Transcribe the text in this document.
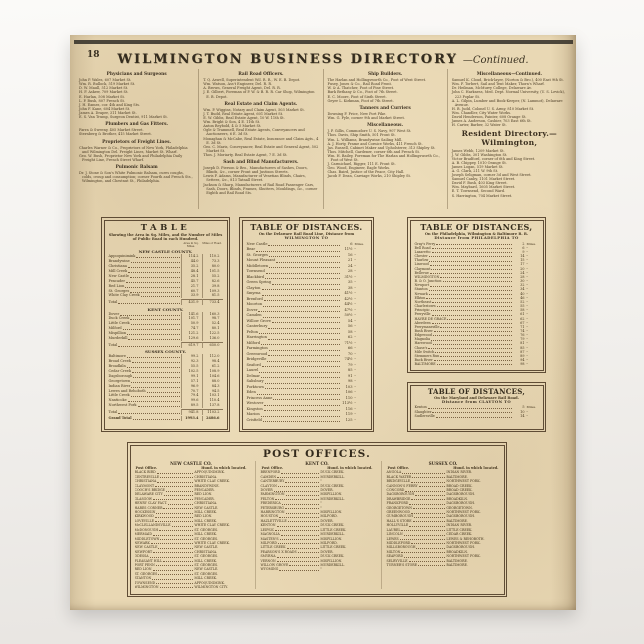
18	WILMINGTON BUSINESS DIRECTORY —Continued.
Physicians and Surgeons

John P. Wales, 607 Market St.

Wm. R. Bullock, 519 Market St.

D. W. Maull, 512 Market St.

H. F. Askew, 709 Market St.

E. Harlan, 508 Market St.

L. P. Bush, 807 French St.

J. H. Eames, cor. 4th and King Sts.

John F. Kane, 604 Market St.

James A. Draper, 311 Market St.

E. S. Van Trump, Surgeon Dentist, 911 Market St.

Plumbers and Gas Fitters.

Farra & Sweeny, 405 Market Street.

Sternberg & Brother, 415 Market Street.

Proprietors of Freight Lines.

Charles Warner & Co., Proprietors of New York, Philadelphia and Wilmington Del. Freight Lines, Market St. Wharf.

Geo. W. Bush, Proprietor New York and Philadelphia Daily Freight Line, French Street Wharf.

Pulmonic Balsam

Dr. J. Stone & Son's White Pulmonic Balsam, cures coughs, colds, croup and consumption; corner Fourth and French Sts., Wilmington, and Chestnut St., Philadelphia.

Rail Road Officers.

T. Q. Aswell, Superintendent Wil. R. R., W. E. B. Depot.

Wm. Watson, Ass't Engineer, Del. R. R.

A. Brown, General Freight Agent, Del. R. R.

J. E. Gilbert, Foreman of P. W. & B. R. R. Car Shop, Wilmington E. B. Depot.

Real Estate and Claim Agents.

Wm. P. Wiggins, Notary and Claim Agent, 503 Market St.

J. T. Budd, Real Estate Agent, 601 Market St.

E. W. Gibbs, Real Estate Agent, 10 W. 11th St.

Wm. Bright & Son, 4 E. 11th St.

Anton Reybold, 4 & 5 Market St.

Ogle & Trammell, Real Estate Agents, Conveyancers and Auctioneers, 6 E. 3d St.

Monaghan & McCabe, Real Estate, Insurance and Claim Agts., 4 E. 3d St.

Geo. C. Maris, Conveyancer, Real Estate and General Agent, 502 Market St.

Thos. J. Moriarty, Real Estate Agent, 7 E. 3d St.

Sash and Blind Manufacturers.

Joseph D. Pierson & Bro., Manufacturers of Sashes, Doors, Blinds, &c., corner Front and Justison Streets.

Lewis F. Adams, Manufacturer of Venetian Blinds, Chairs, Settees, &c., 813 Tatnall Street.

Jackson & Sharp, Manufacturers of Rail Road Passenger Cars, Sash, Doors, Blinds, Frames, Shutters, Mouldings, &c., corner Eighth and Rail Road Sts.

Ship Builders.

The Harlan and Hollingsworth Co., Foot of West Street.

Pusey, Jones & Co., Rail Road Front.

W. & A. Thatcher, Foot of Pine Street.

Bark Bethany & Co., Foot of 7th Street.

E. C. Moore, Foot of Sixth Street.

Geyer L. Kirkman, Foot of 7th Street.

Tanners and Curriers

Downing F. Price, New Port Pike.

Wm. G. Pyle, corner 9th and Market Street.

Miscellaneous.

J. P. Gillis, Commodore U. S. Navy, 907 West St.

Thos. Davis, Ship Smith, 501 Front St.

Wm. L. Williams, Brandywine Sailing Mill.

A. J. Horty, Frame and Cornice Works, 411 French St.

Jas. Russell, Cabinet Maker and Upholsterer, 313 Shipley St.

Thos. Mitchell, Gardener, corner 6th and French St.

Wm. H. Bailey, Foreman for The Harlan and Hollingsworth Co., Foot of West St.

J. Carmichael, Rigger, 111 E. Front St.

Geo. Wood, Engineer, Eagle Works.

Chas. Baird, Justice of the Peace, City Hall.

Jacob F. Dean, Carriage Works, 210 Shipley St.

Miscellaneous—Continued.

Samuel K. Cloud, Brick-layer, (Norton & Bro.), 400 East 9th St.

Wm. F. Torbert, Sail and Tent Maker, Thorn's Wharf.

Dr. Heilman, McMurry College, Delaware Av.

John C. Harkness, Med. Dept. Normal University, (U. S. Levick), 223 Poplar St.

A. L. Gilpin, Lumber and Book-Keeper, (N. Lammot), Delaware Avenue.

H. B. Judd, Colonel U. S. Army, 810 Market St.

Wm. Chandler, City Water Works.

David Henderson, Painter, 608 Orange St.

James A. Anderson, Cashier, 703 East 6th St.

H. Carter, Barber, 32 Water St.

Resident Directory.—Wilmington,

James Webb, 1209 Market St.

J. W. Gibbs, 301 Washington St.

Victor Bradford, corner of 6th and King Street.

A. B. Chippey, 1010 Orange St.

James Logan, 519 Market St.

A. G. Clark, 211 W. 9th St.

Joseph Seligman, corner 3d and West Street.

Samuel Canby, 1101 Market Street.

David F. Bush, 403 King Street.

Wm. Maybard, 1605 Market Street.

E. T. Townsend, Second Ward.

S. Harrington, 704 Market Street.

TABLE
Showing the Area in Sq. Miles, and the Number of Miles of Public Road in each Hundred.
Area in Sq. Miles.
Miles of Road.
NEW CASTLE COUNTY.
Appoquinimink	114.2	110.2
Brandywine	44.0	73.3
Christiana	35.2	80.0
Mill Creek	48.4	101.5
New Castle	28.1	55.2
Pencader	45.7	82.6
Red Lion	21.7	39.8
St. Georges	60.7	109.3
White Clay Creek	33.9	81.5
Total	431.9	733.4
KENT COUNTY.
Dover	141.6	160.3
Duck Creek	101.7	98.7
Little Creek	50.9	52.4
Milford	74.7	80.1
Mispillion	121.2	122.5
Murderkill	129.6	136.0
Total	619.7	650.0
SUSSEX COUNTY.
Baltimore	99.2	112.0
Broad Creek	92.3	98.4
Broadkiln	55.5	61.2
Cedar Creek	102.5	108.9
Dagsborough	99.1	104.6
Georgetown	57.1	88.0
Indian River	96.9	84.3
Lewes and Rehoboth	70.7	94.5
Little Creek	79.4	103.1
Nanticoke	99.6	110.4
Northwest Fork	89.5	137.8
Total	941.8	1103.2
Grand Total	1993.4	2486.6
TABLE OF DISTANCES.
On the Delaware Rail Road Line, Distance from
WILMINGTON TO
New Castle	6 Miles.
Bear	11½ "
St. Georges	16 "
Mount Pleasant	21 "
Middletown	24 "
Townsend	28 "
Blackbird	31½ "
Green Spring	35 "
Clayton	38 "
Smyrna	41½ "
Brenford	42½ "
Moorton	44½ "
Dover	47½ "
Camden	50½ "
Willow Grove	54 "
Canterbury	56 "
Felton	58 "
Harrington	62 "
Milford	71½ "
Farmington	66 "
Greenwood	70 "
Bridgeville	74½ "
Seaford	79 "
Laurel	85 "
Delmar	91 "
Salisbury	98 "
Forktown	103 "
Eden	106 "
Princess Anne	110 "
Westover	113½ "
Kingston	116 "
Marion	119 "
Crisfield	125 "
TABLE OF DISTANCES,
On the Philadelphia, Wilmington & Baltimore R. R.
Distance from PHILADELPHIA TO
Gray's Ferry	2 Miles.
Bell Road	6 "
Lazaretto	9 "
Chester	14 "
Thurlow	15 "
Linwood	17 "
Claymont	20 "
Bellevue	24 "
WILMINGTON	28 "
B. & O. Junction	30 "
Newport	32 "
Stanton	34 "
Newark	40 "
Elkton	46 "
Northeast	52 "
Charlestown	55 "
Principio	58 "
Perryville	61 "
HAVRE DE GRACE	62 "
Aberdeen	67 "
Perrymansville	71 "
Bush River	74 "
Edgewood	76 "
Magnolia	79 "
Harewood	81 "
Chase's	85 "
Mile Switch	87 "
Stemmers Run	89 "
Back River	94 "
BALTIMORE	98 "
TABLE OF DISTANCES,
On the Maryland and Delaware Rail Road.
Distance from CLAYTON TO
Kenton	5 Miles.
Slaughter	10 "
Sudlersville	14 "
POST OFFICES.
NEW CASTLE CO.
Post Office.	Hund. in which located.
BLACK BIRD	APPOQUINIMINK.
CENTREVILLE	CHRISTIANA.
CHRISTIANA	WHITE CLAY CREEK.
CLAYMONT	BRANDYWINE.
COOCH'S BRIDGE	PENCADER.
DELAWARE CITY	RED LION.
GLASGOW	PENCADER.
HENRY CLAY FACT.	CHRISTIANA.
HARES CORNER	NEW CASTLE.
HOCKESSIN	MILL CREEK.
KIRKWOOD	RED LION.
LOVEVILLE	MILL CREEK.
McCLELLANDSVILLE	WHITE CLAY CREEK.
McDONOUGH	ST. GEORGES.
MERMAID	MILL CREEK.
MIDDLETOWN	ST. GEORGES.
NEWARK	WHITE CLAY CREEK.
NEW CASTLE	NEW CASTLE.
NEWPORT	CHRISTIANA.
ODESSA	ST. GEORGES.
PLEASANT HILL	MILL CREEK.
PORT PENN	ST. GEORGES.
RED LION	NEW CASTLE.
ST. GEORGES	ST. GEORGES.
STANTON	MILL CREEK.
TOWNSEND	APPOQUINIMINK.
WILMINGTON	WILMINGTON CITY.
KENT CO.
Post Office.	Hund. in which located.
BRENFORD	DUCK CREEK.
CAMDEN	MURDERKILL.
CANTERBURY	"
CLAYTON	DUCK CREEK.
DOVER	DOVER.
FARMINGTON	MISPILLION.
FELTON	MURDERKILL.
FREDERICA	"
PETERSBURG	"
HARRINGTON	MISPILLION.
HOUSTON	MILFORD.
HAZLETTVILLE	DOVER.
KENTON	DUCK CREEK.
LEIPSIC	LITTLE CREEK.
MAGNOLIA	MURDERKILL.
MASTEN'S	MISPILLION.
MILFORD	MILFORD.
LITTLE CREEK	LITTLE CREEK.
PEARSON'S X ROADS	DOVER.
SMYRNA	DUCK CREEK.
VERNON	MISPILLION.
WILLOW GROVE	MURDERKILL.
WYOMING	"
SUSSEX CO.
Post Office.	Hund. in which located.
ANGOLA	INDIAN RIVER.
BLACK WATER	BALTIMORE.
BRIDGEVILLE	NORTHWEST FORK.
CANNON'S FERRY	BROAD CREEK.
CONCORD	BROAD CREEK.
DAGSBOROUGH	DAGSBOROUGH.
DRAWBRIDGE	BROADKILN.
FRANKFORD	DAGSBOROUGH.
GEORGETOWN	GEORGETOWN.
GREENWOOD	NORTHWEST FORK.
GUMBOROUGH	DAGSBOROUGH.
HALL'S STORE	BALTIMORE.
HOLLYVILLE	INDIAN RIVER.
LAUREL	LITTLE CREEK.
LINCOLN	CEDAR CREEK.
LEWES	LEWES & REHOBOTH.
MIDDLEFORD	NORTHWEST FORK.
MILLSBOROUGH	DAGSBOROUGH.
MILTON	BROADKILN.
SEAFORD	NORTHWEST FORK.
SELBYVILLE	BALTIMORE.
TURNER'S STORE	BALTIMORE.
